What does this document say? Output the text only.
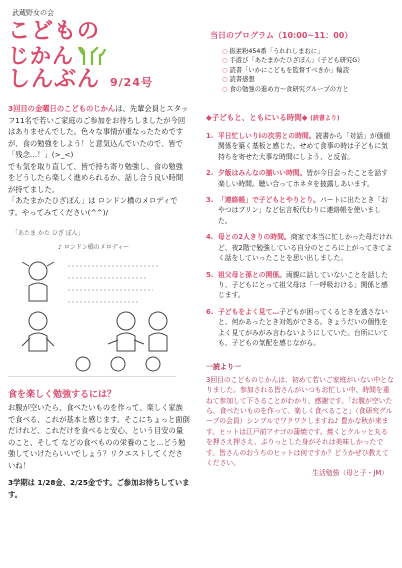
武蔵野女の会
こどもの
じかん
しんぶん 9/24号
3回目の金曜日のこどものじかんは、先輩会員とスタッフ11名で若いご家庭のご参加をお待ちしましたが今回はありませんでした。色々な事情が重なったためですが、食の勉強をしよう！と意気込んでいたので、皆で「残念…！」(>_<)
でも気を取り直して、皆で持ち寄り勉強し、食の勉強をどうしたら楽しく進められるか、話し合う良い時間が持てました。
「あたまかたひざぽん」は ロンドン橋のメロディです。やってみてください(^^)/
「あたま かた ひざ ぽん」
♪ ロンドン橋のメロディー
食を楽しく勉強するには？
お腹が空いたら、食べたいものを作って、楽しく家族で食べる、これが基本と感じます。そこにちょっと面倒だけれど、これだけを食べると安心、という目安の量のこと、そして などの食べものの栄養のこと…どう勉強していけたらいいでしょう？リクエストしてくださいね！
3学期は 1/28金、2/25金です。ご参加お待ちしています。
当日のプログラム（10:00~11：00）
○ 振素粉454番「うれれしまおに」
○ 手遊び「あたまかたひざぽん」（子ども研究G）
○ 読書「いかにこどもを監督すべきか」輪読
○ 読書感想
○ 食の勉強の進め方～食研究グループの方と
◆子どもと、ともにいる時間◆ (読書より)
1. 平日忙しいりiの次男との時間。読書から「対話」が価値関係を築く基板と感じた。せめて食事の時は子どもに気持ちを寄せた大事な時間にしよう、と反省。
2. 夕飯はみんなの揃いい時間。皆が今日会ったことを話す楽しい時間。聴い合ってホネタを披露しあいます。
3. 「連絡帳」で子どもとやりとり。パートに出たとき「おやつはプリン」など伝言板代わりに連絡帳を使いました。
4. 母との2人きりの時間。商家で本当に忙しかった母だけれど、夜2階で勉強している自分のところに上がってきてよく話をしていったことを思い出しました。
5. 祖父母と孫との関係。両親に話していないことを話したり、子どもにとって祖父母は「一呼吸おける」関係と感じます。
6. 子どもをよく見て…子どもが困ってくるときを逃さないと、何かあったとき対処ができる。きょうだいの個性をよく見てがみがみ言わないようにしていた。台所にいても、子どもの気配を感じながら。
一読より一
3回目のこどものじかんは、初めて若いご家庭がいない中となりました。参加される皆さんがいつもお忙しい中、時間を重ねて参加して下さることがわかり、感謝です。「お腹が空いたら、食べたいものを作って、楽しく食べること」（食研究グループの会員）シンプルでワクワクしますね♪ 豊かな秋が来ます。ヒットは江戸前アナゴの蒲焼です。焼くとクルッと丸るを押さえ押さえ、ぷりっとした身がそれは美味しかったです。皆さんのおうちのヒットは何ですか？どうかぜひ教えてください。
生活勉強（母と子・JM）
